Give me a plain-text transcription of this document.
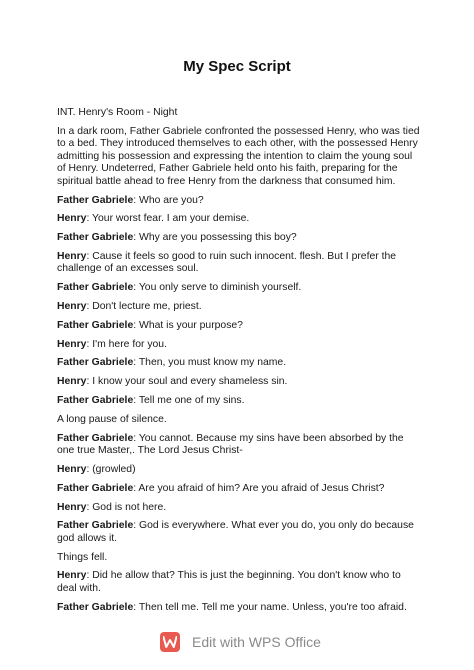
My Spec Script

INT. Henry's Room - Night

In a dark room, Father Gabriele confronted the possessed Henry, who was tied to a bed. They introduced themselves to each other, with the possessed Henry admitting his possession and expressing the intention to claim the young soul of Henry. Undeterred, Father Gabriele held onto his faith, preparing for the spiritual battle ahead to free Henry from the darkness that consumed him.

Father Gabriele: Who are you?

Henry: Your worst fear. I am your demise.

Father Gabriele: Why are you possessing this boy?

Henry: Cause it feels so good to ruin such innocent. flesh. But I prefer the challenge of an excesses soul.

Father Gabriele: You only serve to diminish yourself.

Henry: Don't lecture me, priest.

Father Gabriele: What is your purpose?

Henry: I'm here for you.

Father Gabriele: Then, you must know my name.

Henry: I know your soul and every shameless sin.

Father Gabriele: Tell me one of my sins.

A long pause of silence.

Father Gabriele: You cannot. Because my sins have been absorbed by the one true Master,. The Lord Jesus Christ-

Henry: (growled)

Father Gabriele: Are you afraid of him? Are you afraid of Jesus Christ?

Henry: God is not here.

Father Gabriele: God is everywhere. What ever you do, you only do because god allows it.

Things fell.

Henry: Did he allow that? This is just the beginning. You don't know who to deal with.

Father Gabriele: Then tell me. Tell me your name. Unless, you're too afraid.

Edit with WPS Office
